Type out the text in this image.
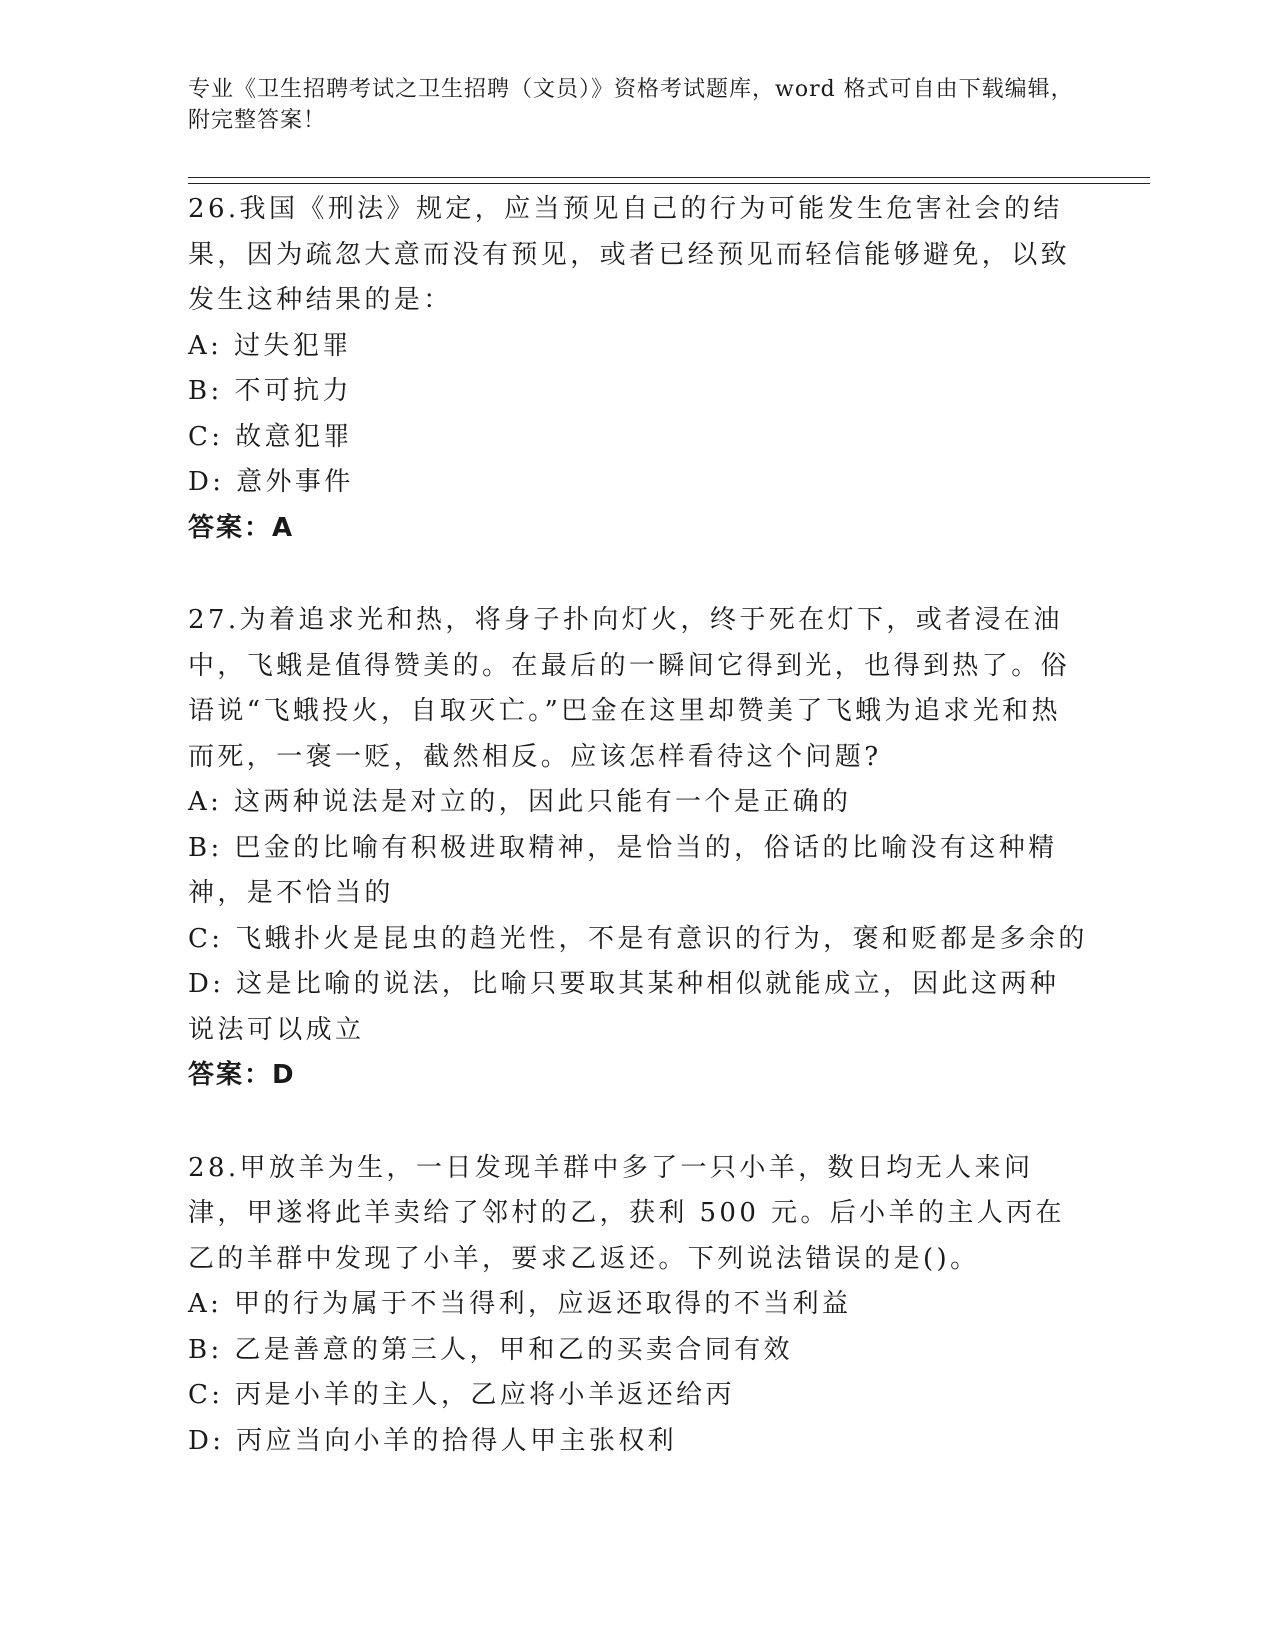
专业《卫生招聘考试之卫生招聘（文员）》资格考试题库，word 格式可自由下载编辑，附完整答案！

26.我国《刑法》规定，应当预见自己的行为可能发生危害社会的结果，因为疏忽大意而没有预见，或者已经预见而轻信能够避免，以致发生这种结果的是：

A: 过失犯罪

B: 不可抗力

C: 故意犯罪

D: 意外事件

答案：A

27.为着追求光和热，将身子扑向灯火，终于死在灯下，或者浸在油中，飞蛾是值得赞美的。在最后的一瞬间它得到光，也得到热了。俗语说“飞蛾投火，自取灭亡。”巴金在这里却赞美了飞蛾为追求光和热而死，一褒一贬，截然相反。应该怎样看待这个问题?

A: 这两种说法是对立的，因此只能有一个是正确的

B: 巴金的比喻有积极进取精神，是恰当的，俗话的比喻没有这种精神，是不恰当的

C: 飞蛾扑火是昆虫的趋光性，不是有意识的行为，褒和贬都是多余的

D: 这是比喻的说法，比喻只要取其某种相似就能成立，因此这两种说法可以成立

答案：D

28.甲放羊为生，一日发现羊群中多了一只小羊，数日均无人来问津，甲遂将此羊卖给了邻村的乙，获利 500 元。后小羊的主人丙在乙的羊群中发现了小羊，要求乙返还。下列说法错误的是()。

A: 甲的行为属于不当得利，应返还取得的不当利益

B: 乙是善意的第三人，甲和乙的买卖合同有效

C: 丙是小羊的主人，乙应将小羊返还给丙

D: 丙应当向小羊的拾得人甲主张权利
